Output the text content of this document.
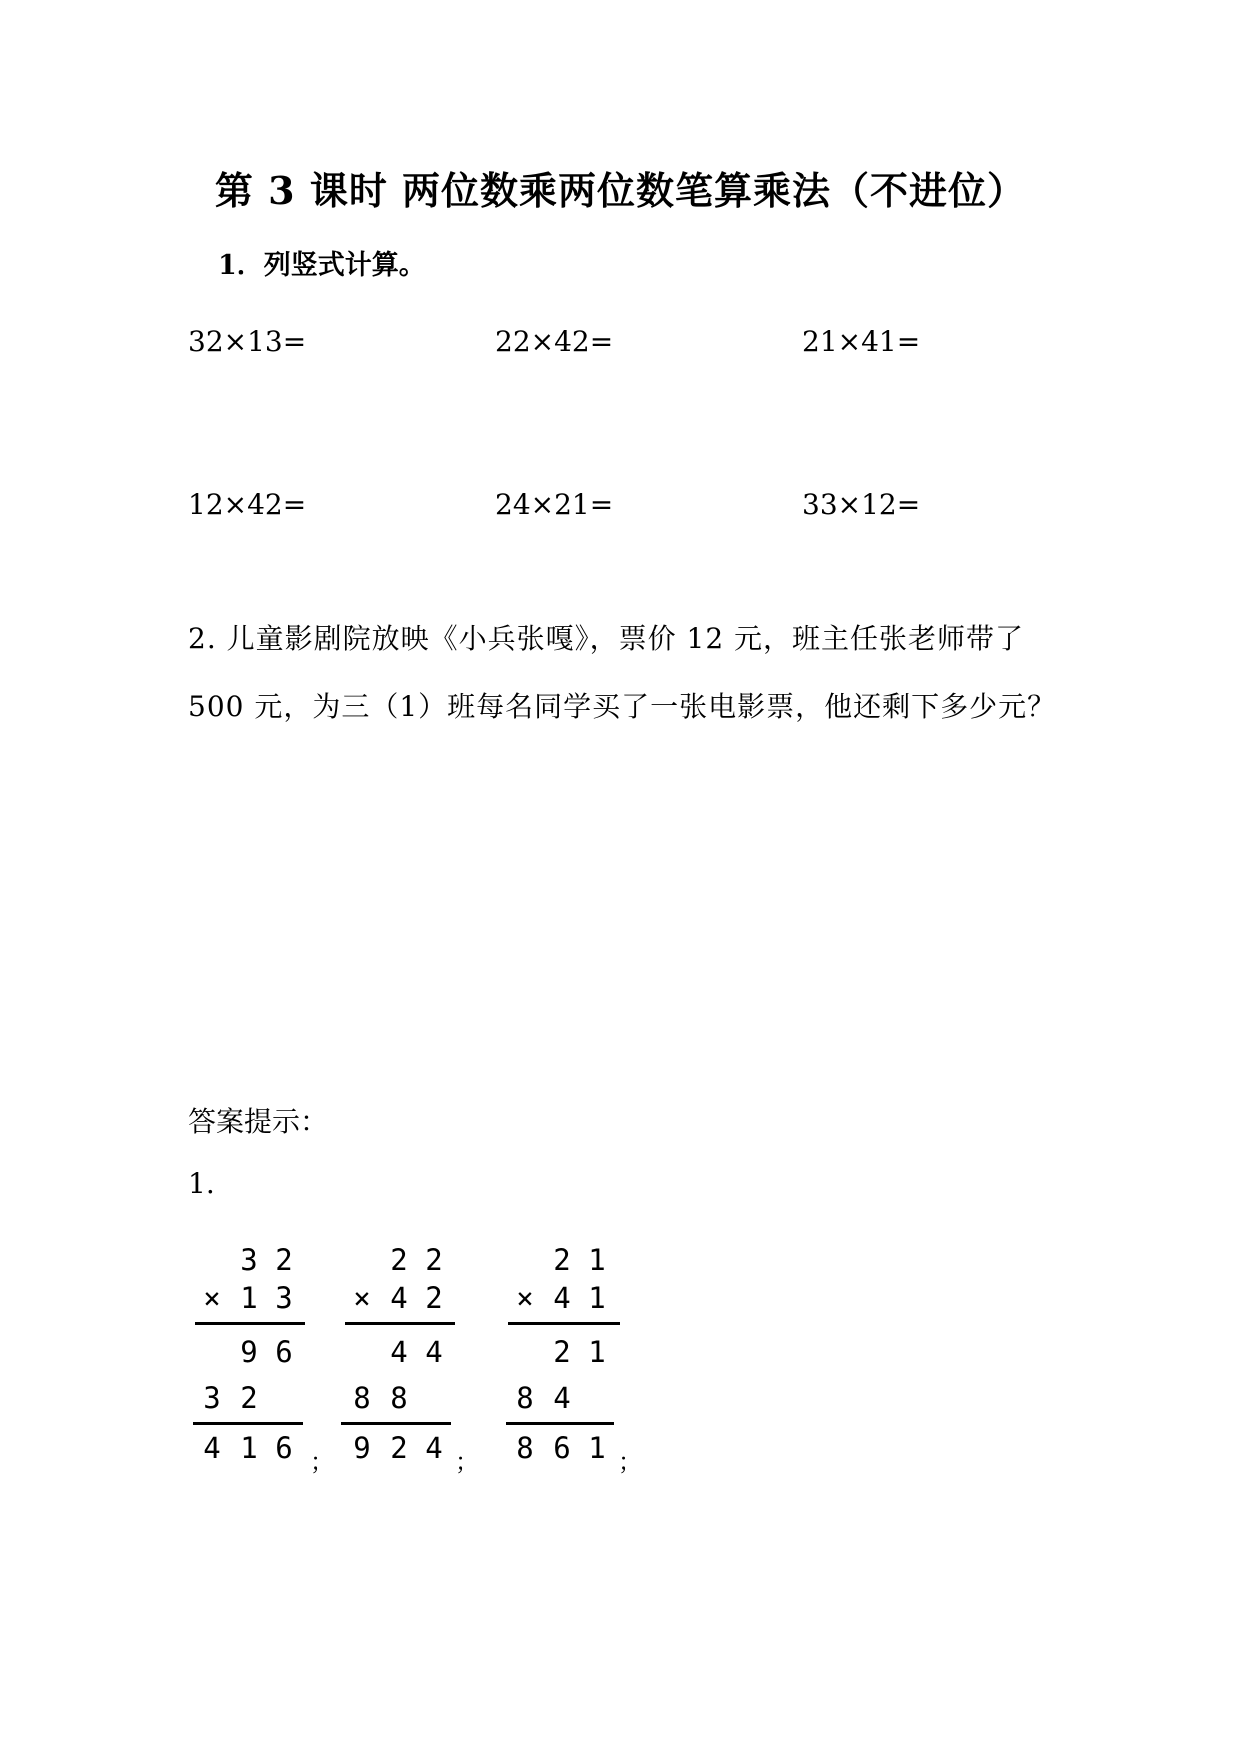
第 3 课时 两位数乘两位数笔算乘法（不进位）
1．列竖式计算。
32×13=	22×42=	21×41=
12×42=	24×21=	33×12=
2. 儿童影剧院放映《小兵张嘎》，票价 12 元，班主任张老师带了
500 元，为三（1）班每名同学买了一张电影票，他还剩下多少元？
答案提示：
1.
3 2
× 1 3
9 6
3 2
4 1 6 ；
2 2
× 4 2
4 4
8 8
9 2 4 ；
2 1
× 4 1
2 1
8 4
8 6 1 ；
